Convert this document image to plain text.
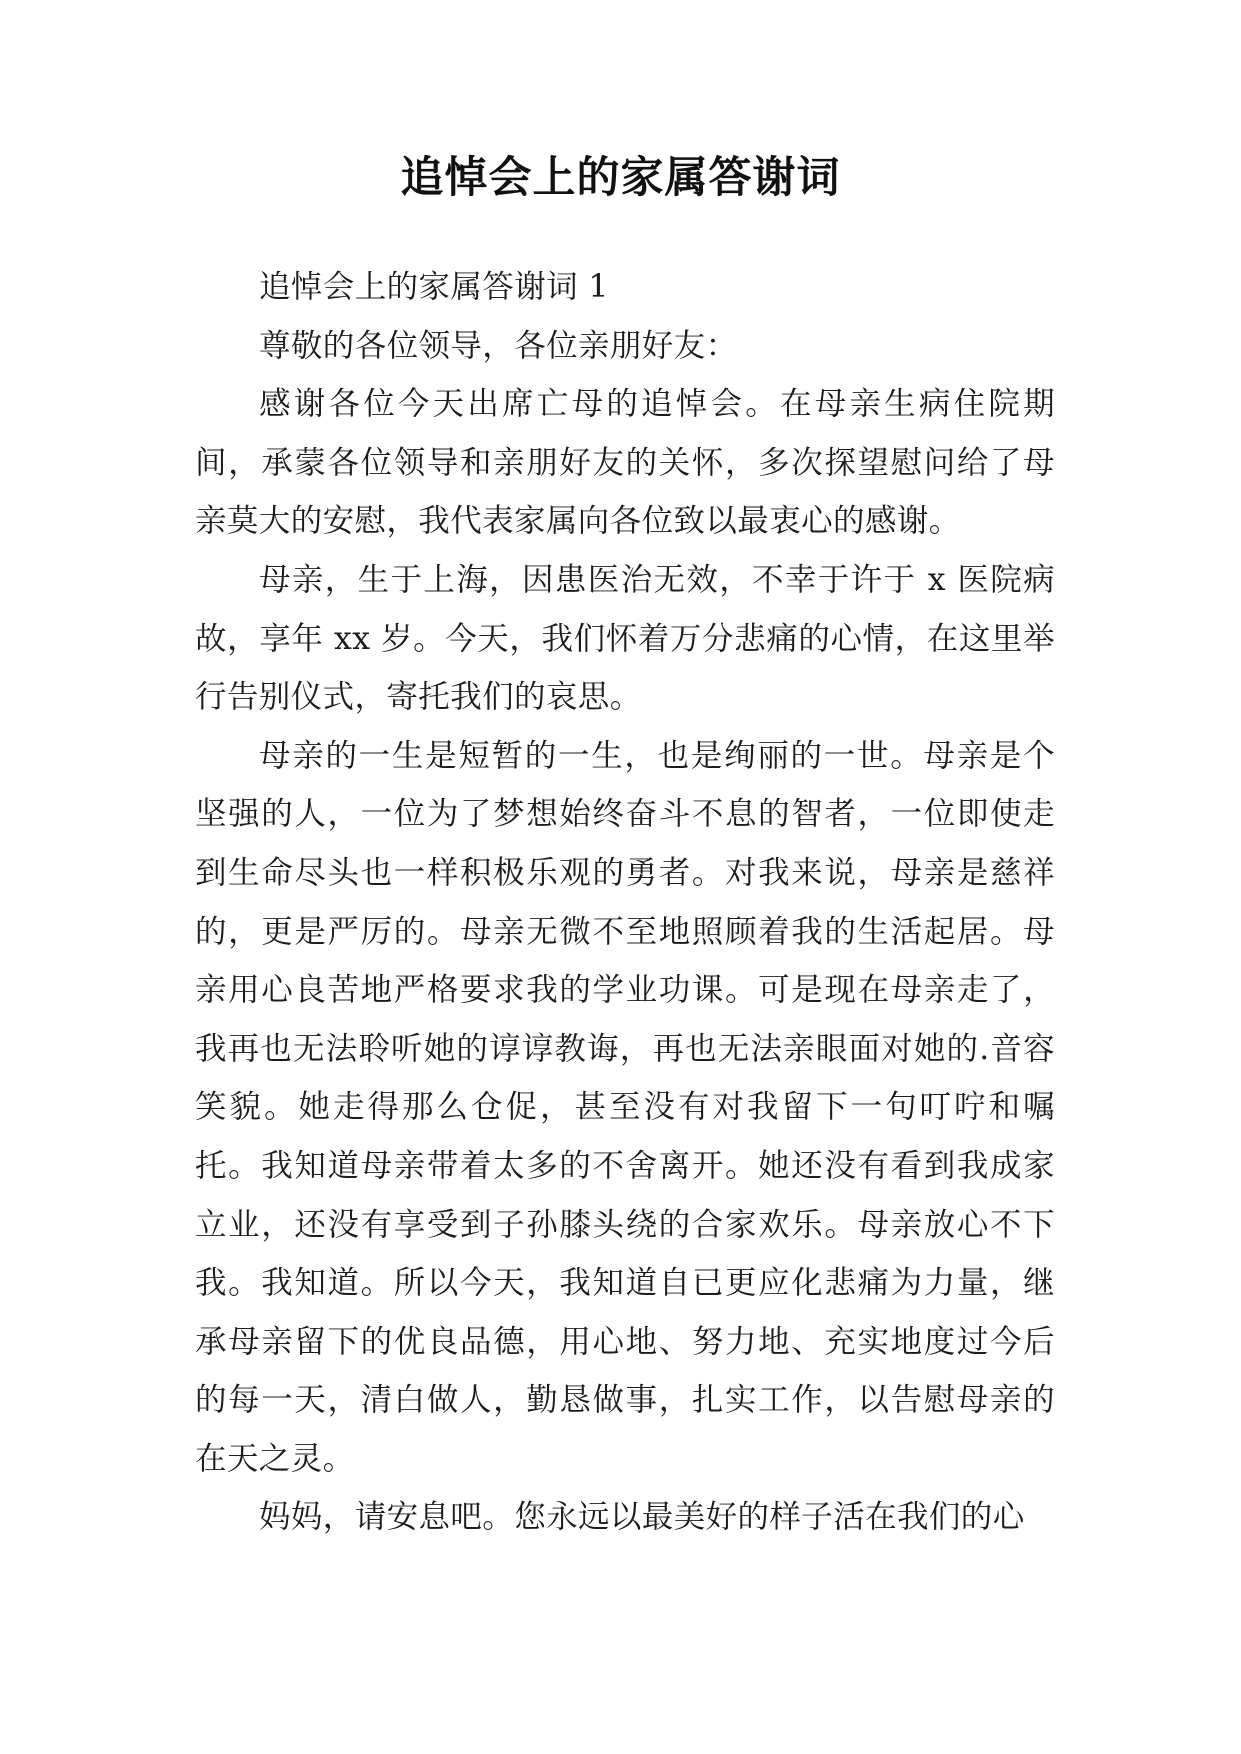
追悼会上的家属答谢词

追悼会上的家属答谢词 1

尊敬的各位领导，各位亲朋好友：

感谢各位今天出席亡母的追悼会。在母亲生病住院期间，承蒙各位领导和亲朋好友的关怀，多次探望慰问给了母亲莫大的安慰，我代表家属向各位致以最衷心的感谢。

母亲，生于上海，因患医治无效，不幸于许于 x 医院病故，享年 xx 岁。今天，我们怀着万分悲痛的心情，在这里举行告别仪式，寄托我们的哀思。

母亲的一生是短暂的一生，也是绚丽的一世。母亲是个坚强的人，一位为了梦想始终奋斗不息的智者，一位即使走到生命尽头也一样积极乐观的勇者。对我来说，母亲是慈祥的，更是严厉的。母亲无微不至地照顾着我的生活起居。母亲用心良苦地严格要求我的学业功课。可是现在母亲走了，我再也无法聆听她的谆谆教诲，再也无法亲眼面对她的.音容笑貌。她走得那么仓促，甚至没有对我留下一句叮咛和嘱托。我知道母亲带着太多的不舍离开。她还没有看到我成家立业，还没有享受到子孙膝头绕的合家欢乐。母亲放心不下我。我知道。所以今天，我知道自已更应化悲痛为力量，继承母亲留下的优良品德，用心地、努力地、充实地度过今后的每一天，清白做人，勤恳做事，扎实工作，以告慰母亲的在天之灵。

妈妈，请安息吧。您永远以最美好的样子活在我们的心
